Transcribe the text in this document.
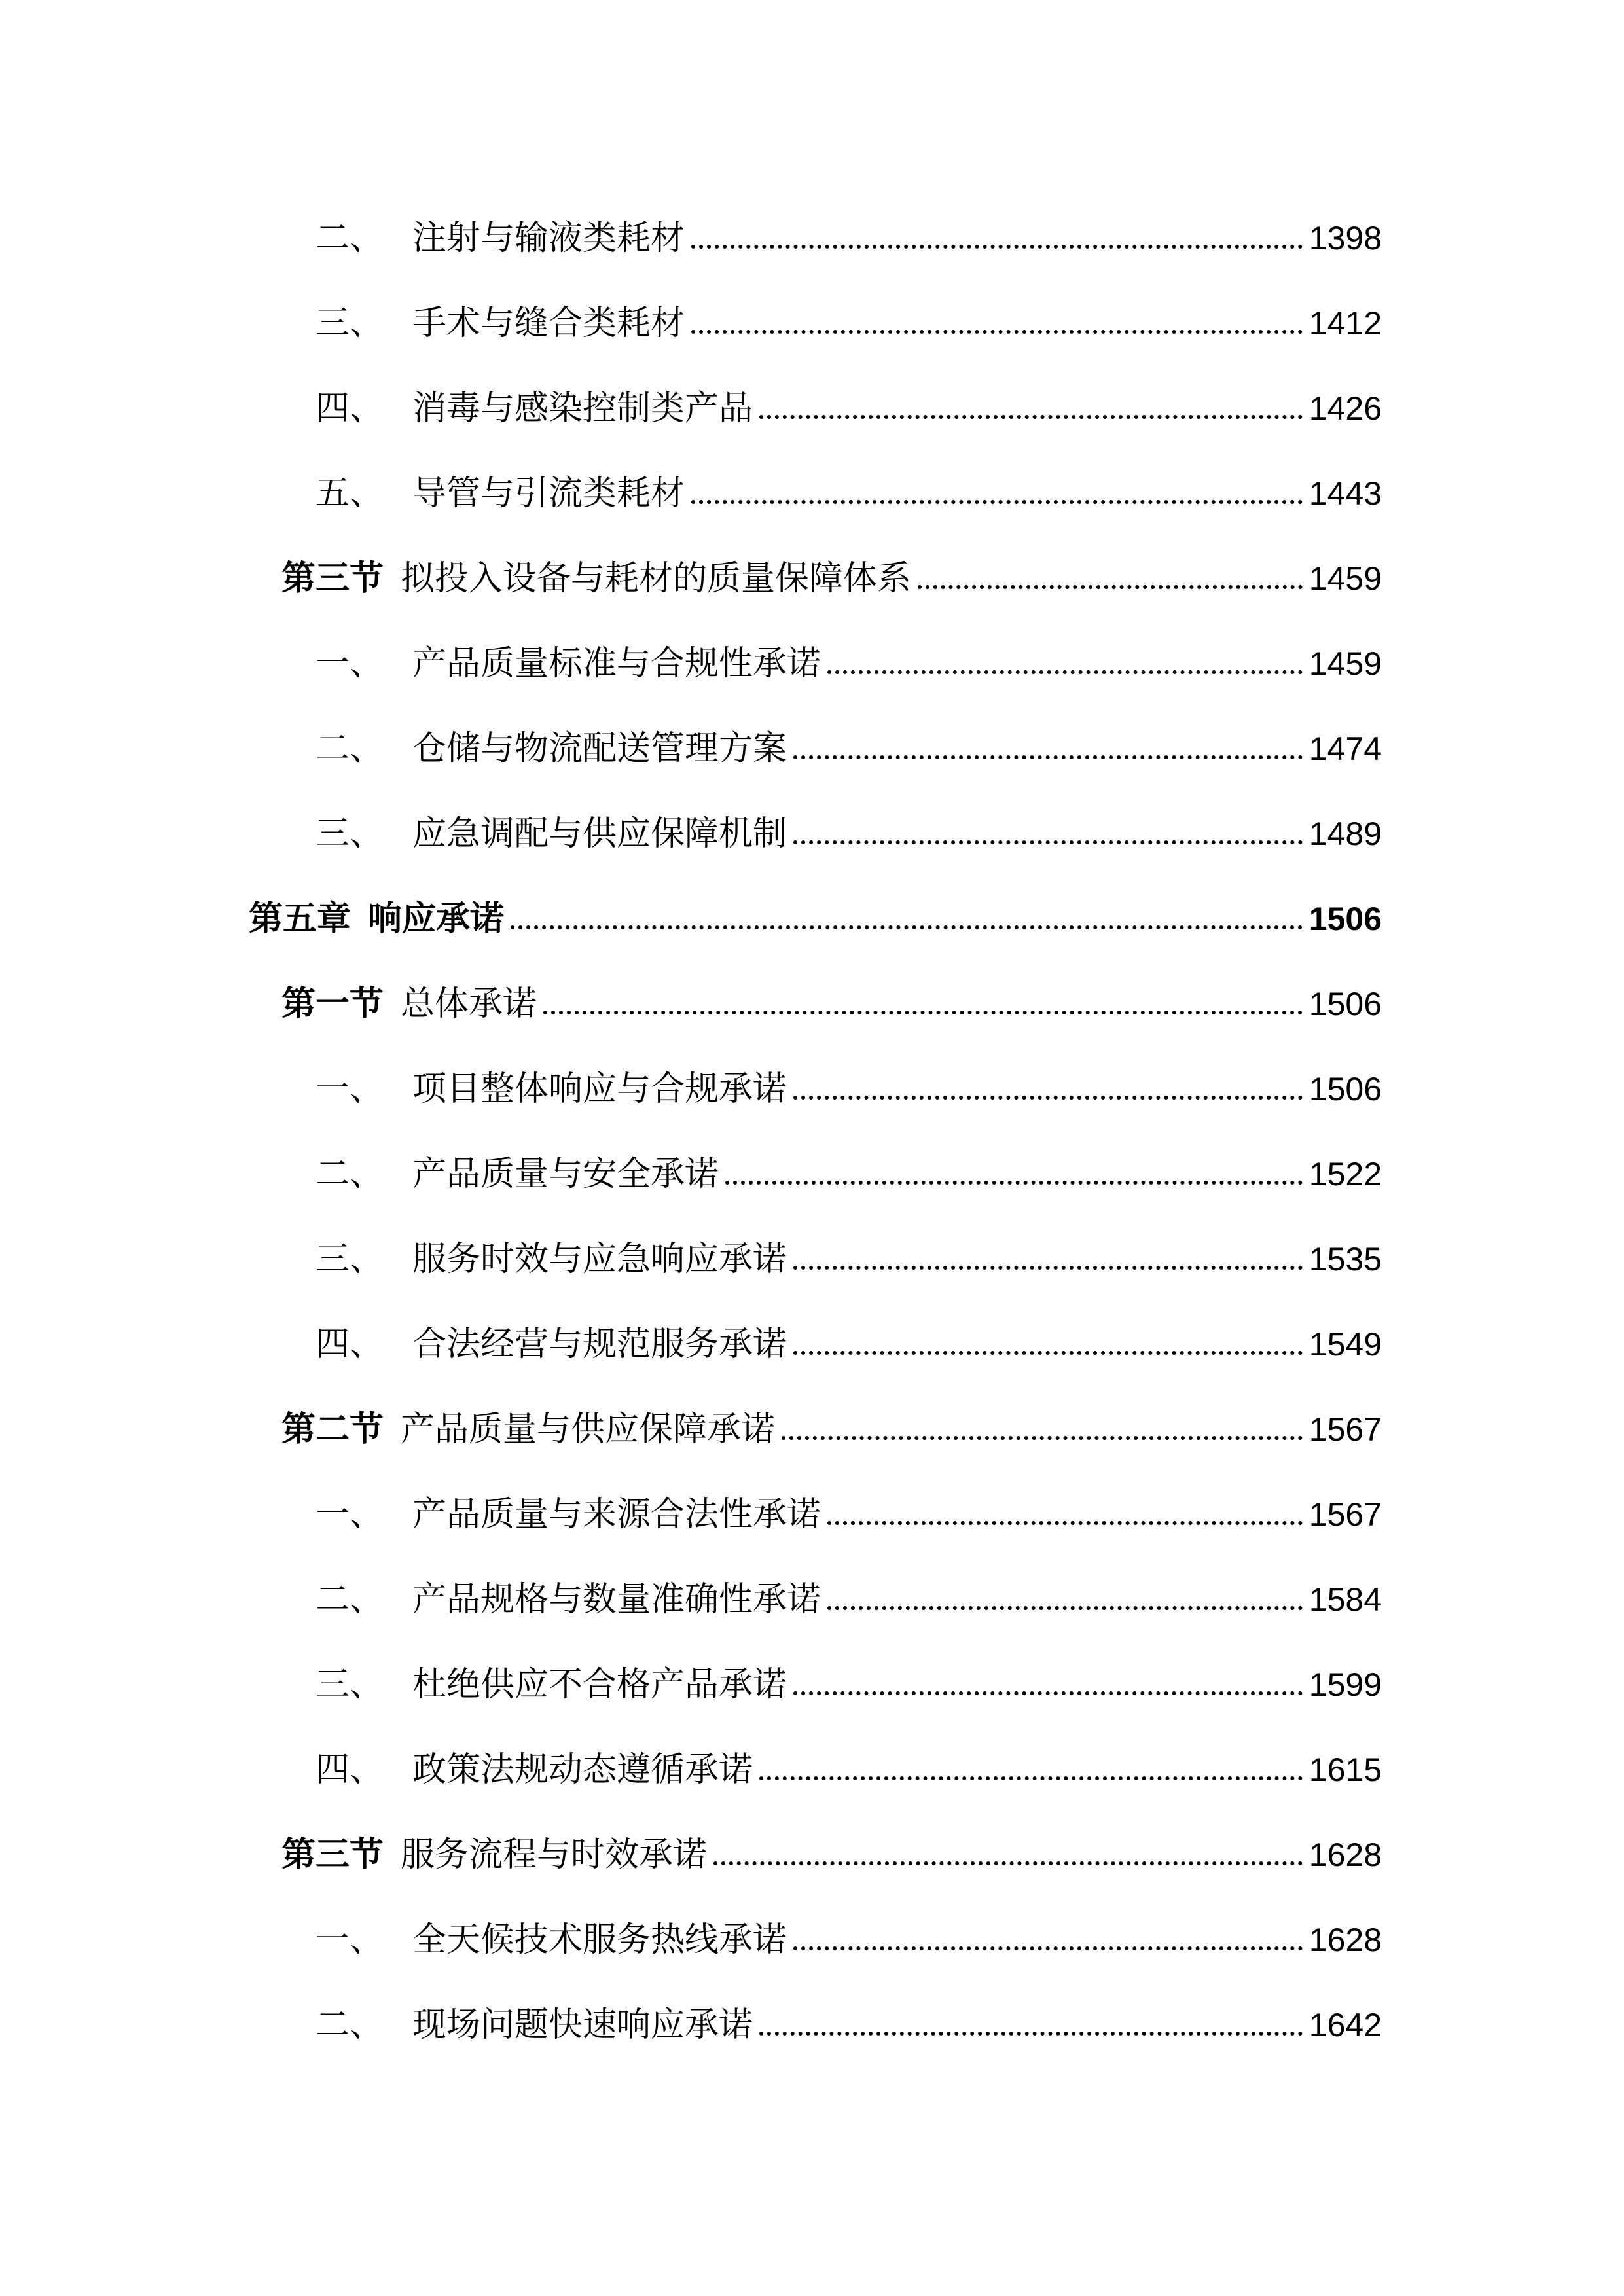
二、 注射与输液类耗材	1398
三、 手术与缝合类耗材	1412
四、 消毒与感染控制类产品	1426
五、 导管与引流类耗材	1443
第三节 拟投入设备与耗材的质量保障体系	1459
一、 产品质量标准与合规性承诺	1459
二、 仓储与物流配送管理方案	1474
三、 应急调配与供应保障机制	1489
第五章 响应承诺	1506
第一节 总体承诺	1506
一、 项目整体响应与合规承诺	1506
二、 产品质量与安全承诺	1522
三、 服务时效与应急响应承诺	1535
四、 合法经营与规范服务承诺	1549
第二节 产品质量与供应保障承诺	1567
一、 产品质量与来源合法性承诺	1567
二、 产品规格与数量准确性承诺	1584
三、 杜绝供应不合格产品承诺	1599
四、 政策法规动态遵循承诺	1615
第三节 服务流程与时效承诺	1628
一、 全天候技术服务热线承诺	1628
二、 现场问题快速响应承诺	1642
